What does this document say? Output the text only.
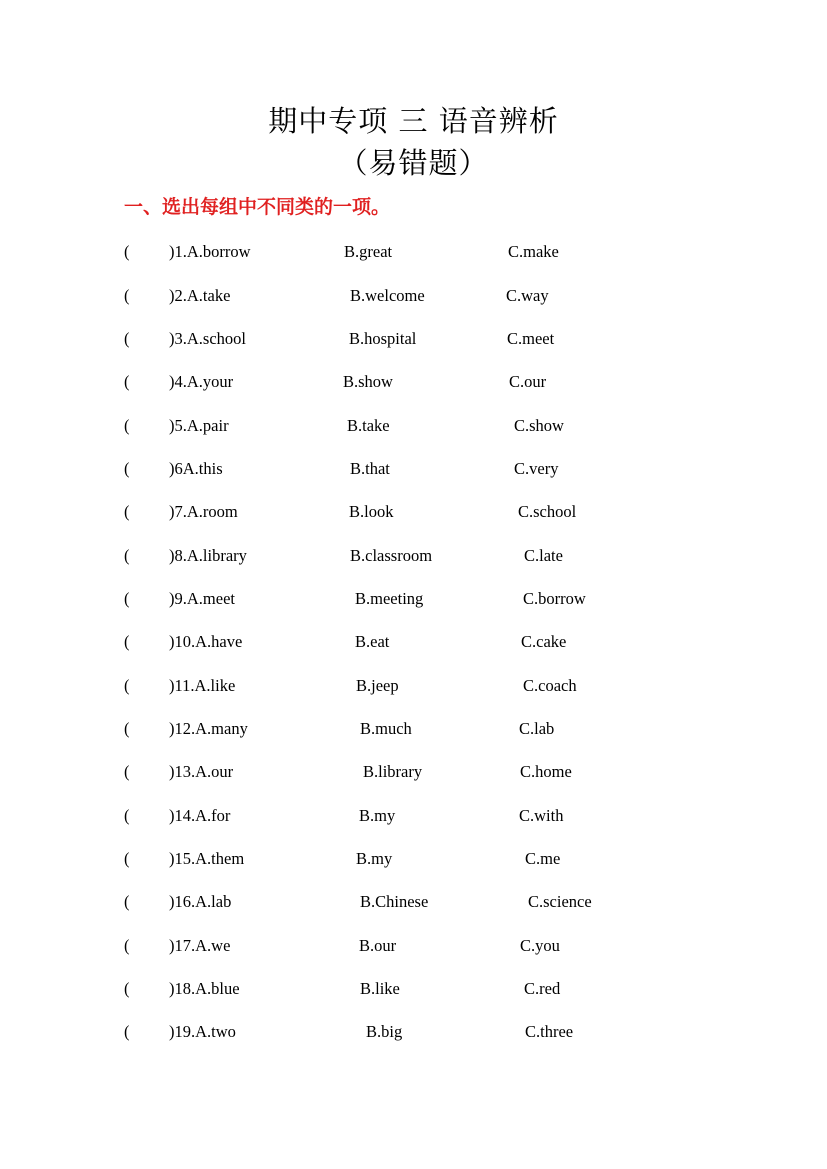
期中专项 三 语音辨析
（易错题）
一、选出每组中不同类的一项。
( )1.A.borrow	B.great	C.make
( )2.A.take	B.welcome	C.way
( )3.A.school	B.hospital	C.meet
( )4.A.your	B.show	C.our
( )5.A.pair	B.take	C.show
( )6A.this	B.that	C.very
( )7.A.room	B.look	C.school
( )8.A.library	B.classroom	C.late
( )9.A.meet	B.meeting	C.borrow
( )10.A.have	B.eat	C.cake
( )11.A.like	B.jeep	C.coach
( )12.A.many	B.much	C.lab
( )13.A.our	B.library	C.home
( )14.A.for	B.my	C.with
( )15.A.them	B.my	C.me
( )16.A.lab	B.Chinese	C.science
( )17.A.we	B.our	C.you
( )18.A.blue	B.like	C.red
( )19.A.two	B.big	C.three
